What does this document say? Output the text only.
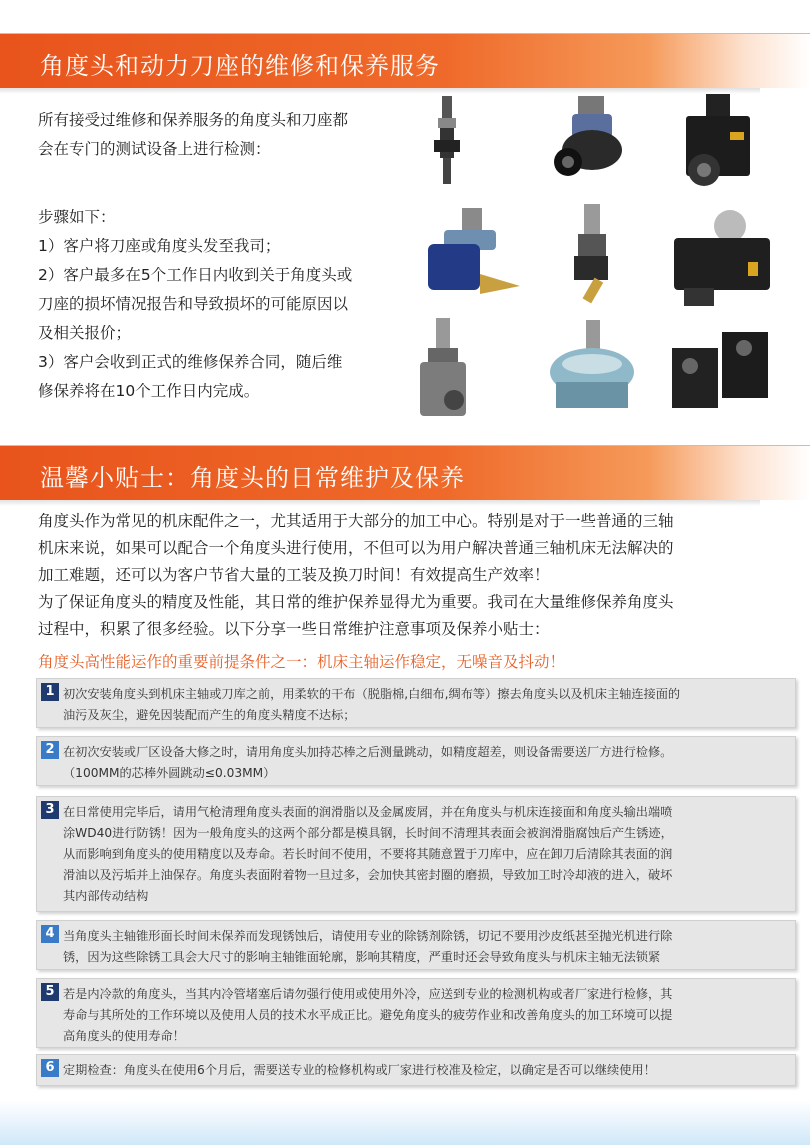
角度头和动力刀座的维修和保养服务
所有接受过维修和保养服务的角度头和刀座都
会在专门的测试设备上进行检测：
步骤如下：
1）客户将刀座或角度头发至我司；
2）客户最多在5个工作日内收到关于角度头或
刀座的损坏情况报告和导致损坏的可能原因以
及相关报价；
3）客户会收到正式的维修保养合同，随后维
修保养将在10个工作日内完成。
温馨小贴士：角度头的日常维护及保养
角度头作为常见的机床配件之一，尤其适用于大部分的加工中心。特别是对于一些普通的三轴
机床来说，如果可以配合一个角度头进行使用，不但可以为用户解决普通三轴机床无法解决的
加工难题，还可以为客户节省大量的工装及换刀时间！有效提高生产效率！
为了保证角度头的精度及性能，其日常的维护保养显得尤为重要。我司在大量维修保养角度头
过程中，积累了很多经验。以下分享一些日常维护注意事项及保养小贴士：
角度头高性能运作的重要前提条件之一：机床主轴运作稳定，无噪音及抖动！
1 初次安装角度头到机床主轴或刀库之前，用柔软的干布（脱脂棉,白细布,绸布等）擦去角度头以及机床主轴连接面的
油污及灰尘，避免因装配而产生的角度头精度不达标；
2 在初次安装或厂区设备大修之时，请用角度头加持芯棒之后测量跳动，如精度超差，则设备需要送厂方进行检修。
（100MM的芯棒外圆跳动≤0.03MM）
3 在日常使用完毕后，请用气枪清理角度头表面的润滑脂以及金属废屑，并在角度头与机床连接面和角度头输出端喷
涂WD40进行防锈！因为一般角度头的这两个部分都是模具钢，长时间不清理其表面会被润滑脂腐蚀后产生锈迹，
从而影响到角度头的使用精度以及寿命。若长时间不使用，不要将其随意置于刀库中，应在卸刀后清除其表面的润
滑油以及污垢并上油保存。角度头表面附着物一旦过多，会加快其密封圈的磨损，导致加工时冷却液的进入，破坏
其内部传动结构
4 当角度头主轴锥形面长时间未保养而发现锈蚀后，请使用专业的除锈剂除锈，切记不要用沙皮纸甚至抛光机进行除
锈，因为这些除锈工具会大尺寸的影响主轴锥面轮廓，影响其精度，严重时还会导致角度头与机床主轴无法锁紧
5 若是内冷款的角度头，当其内冷管堵塞后请勿强行使用或使用外冷，应送到专业的检测机构或者厂家进行检修，其
寿命与其所处的工作环境以及使用人员的技术水平成正比。避免角度头的疲劳作业和改善角度头的加工环境可以提
高角度头的使用寿命！
6 定期检查：角度头在使用6个月后，需要送专业的检修机构或厂家进行校准及检定，以确定是否可以继续使用！
